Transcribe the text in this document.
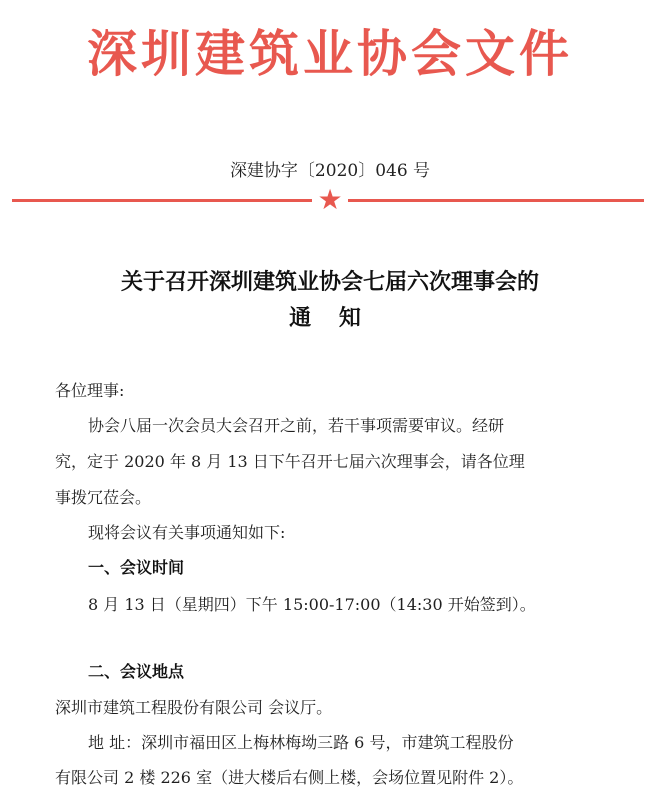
深圳建筑业协会文件
深建协字〔2020〕046 号
★
关于召开深圳建筑业协会七届六次理事会的
通 知
各位理事:
协会八届一次会员大会召开之前，若干事项需要审议。经研
究，定于 2020 年 8 月 13 日下午召开七届六次理事会，请各位理
事拨冗莅会。
现将会议有关事项通知如下:
一、会议时间
8 月 13 日（星期四）下午 15:00-17:00（14:30 开始签到）。
二、会议地点
深圳市建筑工程股份有限公司 会议厅。
地 址：深圳市福田区上梅林梅坳三路 6 号，市建筑工程股份
有限公司 2 楼 226 室（进大楼后右侧上楼，会场位置见附件 2）。
